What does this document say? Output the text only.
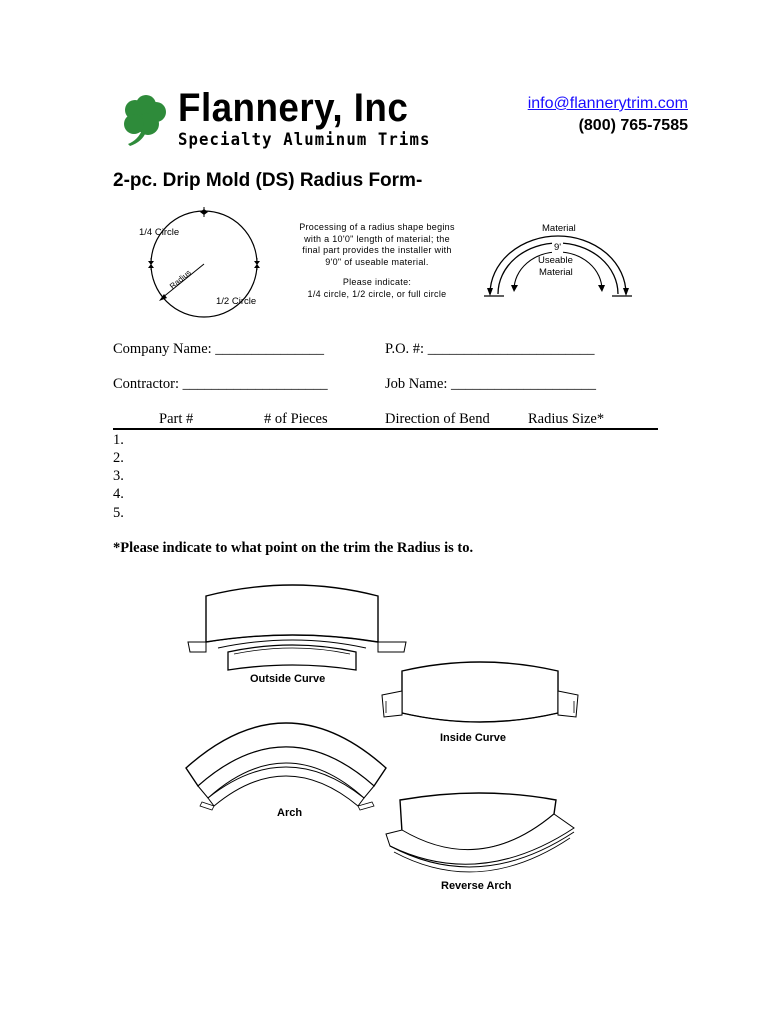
Flannery, Inc
Specialty Aluminum Trims
info@flannerytrim.com
(800) 765-7585
2-pc. Drip Mold (DS) Radius Form-
1/4 Circle
1/2 Circle
Radius
Processing of a radius shape begins
with a 10'0" length of material; the
final part provides the installer with
9'0" of useable material.
Please indicate:
1/4 circle, 1/2 circle, or full circle
Material
9'
Useable
Material
Company Name: _______________	P.O. #: _______________________
Contractor: ____________________	Job Name: ____________________
Part #	# of Pieces	Direction of Bend	Radius Size*
1.
2.
3.
4.
5.
*Please indicate to what point on the trim the Radius is to.
Outside Curve
Inside Curve
Arch
Reverse Arch
